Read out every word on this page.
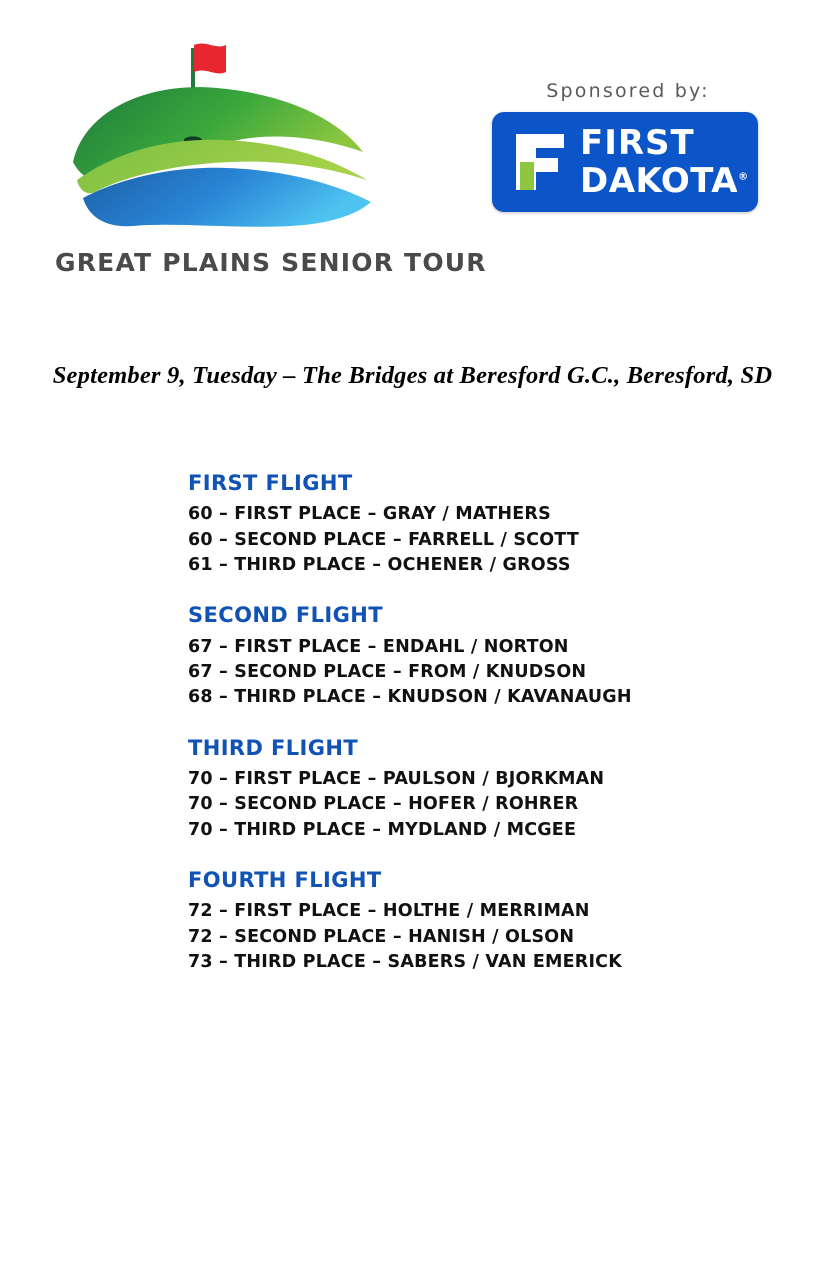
GREAT PLAINS SENIOR TOUR
Sponsored by:
FIRST
DAKOTA®
September 9, Tuesday – The Bridges at Beresford G.C., Beresford, SD
FIRST FLIGHT
60 – FIRST PLACE – GRAY / MATHERS
60 – SECOND PLACE – FARRELL / SCOTT
61 – THIRD PLACE – OCHENER / GROSS
SECOND FLIGHT
67 – FIRST PLACE – ENDAHL / NORTON
67 – SECOND PLACE – FROM / KNUDSON
68 – THIRD PLACE – KNUDSON / KAVANAUGH
THIRD FLIGHT
70 – FIRST PLACE – PAULSON / BJORKMAN
70 – SECOND PLACE – HOFER / ROHRER
70 – THIRD PLACE – MYDLAND / MCGEE
FOURTH FLIGHT
72 – FIRST PLACE – HOLTHE / MERRIMAN
72 – SECOND PLACE – HANISH / OLSON
73 – THIRD PLACE – SABERS / VAN EMERICK
